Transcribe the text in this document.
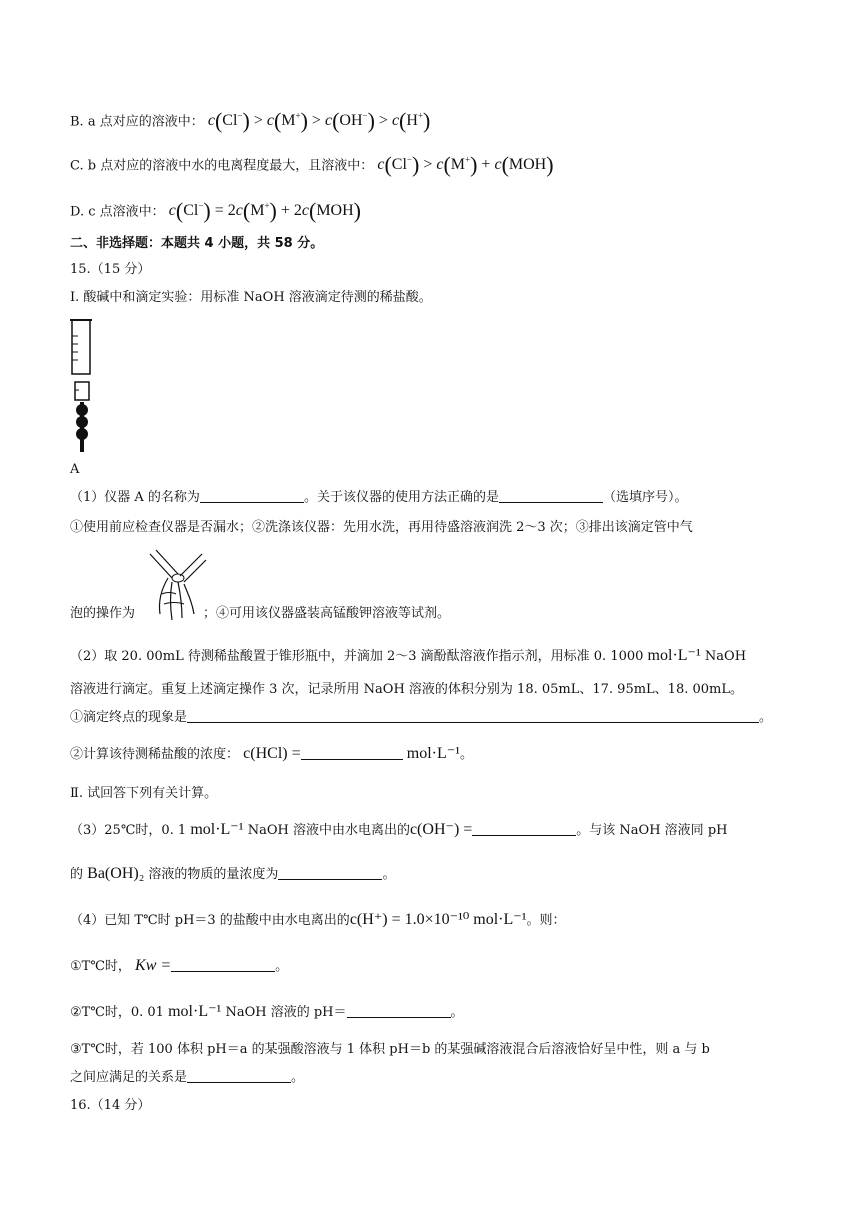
B. a 点对应的溶液中： c(Cl−) > c(M+) > c(OH−) > c(H+)
C. b 点对应的溶液中水的电离程度最大，且溶液中： c(Cl−) > c(M+) + c(MOH)
D. c 点溶液中： c(Cl−) = 2c(M+) + 2c(MOH)
二、非选择题：本题共 4 小题，共 58 分。
15.（15 分）
Ⅰ. 酸碱中和滴定实验：用标准 NaOH 溶液滴定待测的稀盐酸。
A
（1）仪器 A 的名称为	。关于该仪器的使用方法正确的是	（选填序号）。
①使用前应检查仪器是否漏水；②洗涤该仪器：先用水洗，再用待盛溶液润洗 2～3 次；③排出该滴定管中气
泡的操作为	；④可用该仪器盛装高锰酸钾溶液等试剂。
（2）取 20. 00mL 待测稀盐酸置于锥形瓶中，并滴加 2～3 滴酚酞溶液作指示剂，用标准 0. 1000 mol·L⁻¹ NaOH
溶液进行滴定。重复上述滴定操作 3 次，记录所用 NaOH 溶液的体积分别为 18. 05mL、17. 95mL、18. 00mL。
①滴定终点的现象是	。
②计算该待测稀盐酸的浓度： c(HCl) =	mol·L⁻¹。
Ⅱ. 试回答下列有关计算。
（3）25℃时，0. 1 mol·L⁻¹ NaOH 溶液中由水电离出的c(OH⁻) =	。与该 NaOH 溶液同 pH
的 Ba(OH)₂ 溶液的物质的量浓度为	。
（4）已知 T℃时 pH＝3 的盐酸中由水电离出的c(H⁺) = 1.0×10⁻¹⁰ mol·L⁻¹。则：
①T℃时， Kw =	。
②T℃时，0. 01 mol·L⁻¹ NaOH 溶液的 pH＝	。
③T℃时，若 100 体积 pH＝a 的某强酸溶液与 1 体积 pH＝b 的某强碱溶液混合后溶液恰好呈中性，则 a 与 b
之间应满足的关系是	。
16.（14 分）
